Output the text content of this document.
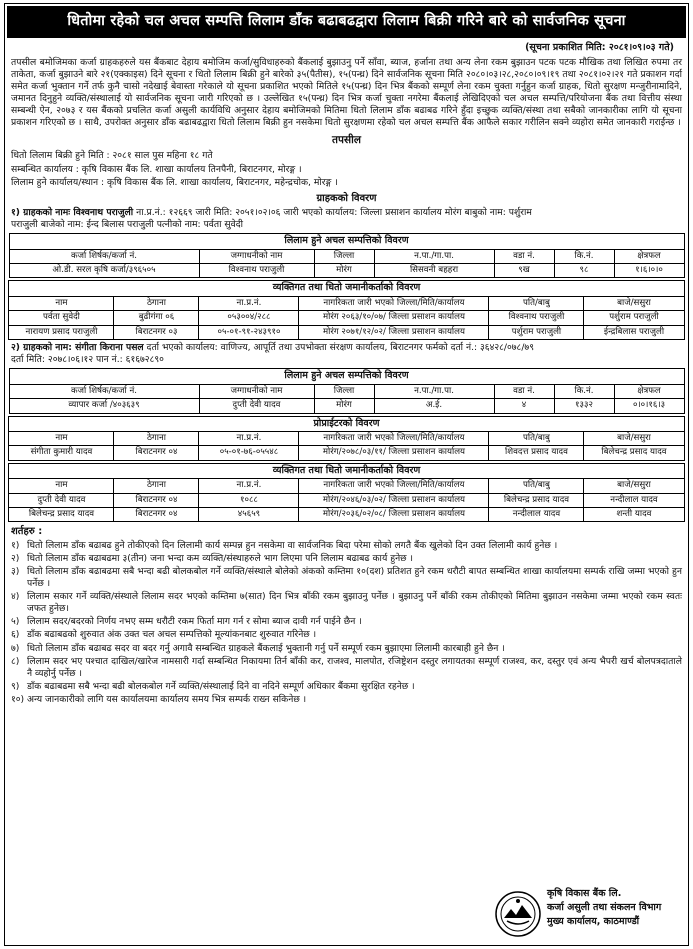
धितोमा रहेको चल अचल सम्पत्ति लिलाम डाँक बढाबढद्वारा लिलाम बिक्री गरिने बारे को सार्वजनिक सूचना
(सूचना प्रकाशित मिति: २०८१।०९।०३ गते)
तपसील बमोजिमका कर्जा ग्राहकहरुले यस बैंकबाट देहाय बमोजिम कर्जा/सुविधाहरुको बैंकलाई बुझाउनु पर्ने साँवा, ब्याज, हर्जाना तथा अन्य लेना रकम बुझाउन पटक पटक मौखिक तथा लिखित रुपमा तर ताकेता, कर्जा बुझाउने बारे २१(एक्काइस) दिने सूचना र धितो लिलाम बिक्री हुने बारेको ३५(पैतीस), १५(पन्ध्र) दिने सार्वजनिक सूचना मिति २०८०।०३।२८,२०८०।०९।१९ तथा २०८१।०२।२१ गते प्रकाशन गर्दा समेत कर्जा भुक्तान गर्ने तर्फ कुनै चासो नदेखाई बेवास्ता गरेकाले यो सूचना प्रकाशित भएको मितिले १५(पन्ध्र) दिन भित्र बैंकको सम्पूर्ण लेना रकम चुक्ता गर्नुहुन कर्जा ग्राहक, धितो सुरक्षण मन्जुरीनामादिने, जमानत दिनुहुने व्यक्ति/संस्थालाई यो सार्वजनिक सूचना जारी गरिएको छ । उल्लेखित १५(पन्ध्र) दिन भित्र कर्जा चुक्ता नगरेमा बैंकलाई लेखिदिएको चल अचल सम्पत्ति/परियोजना बैंक तथा वित्तीय संस्था सम्बन्धी ऐन, २०७३ र यस बैंकको प्रचलित कर्जा असुली कार्यविधि अनुसार देहाय बमोजिमको मितिमा धितो लिलाम डाँक बढाबढ गरिने हुँदा इच्छुक व्यक्ति/संस्था तथा सबैको जानकारीका लागि यो सूचना प्रकाशन गरिएको छ । साथै, उपरोक्त अनुसार डाँक बढाबढद्वारा धितो लिलाम बिक्री हुन नसकेमा धितो सुरक्षणमा रहेको चल अचल सम्पत्ति बैंक आफैले सकार गरीलिन सक्ने व्यहोरा समेत जानकारी गराईन्छ ।
तपसील
धितो लिलाम बिक्री हुने मिति : २०८१ साल पुस महिना १८ गते
सम्बन्धित कार्यालय : कृषि विकास बैंक लि. शाखा कार्यालय तिनपैनी, बिराटनगर, मोरङ्ग ।
लिलाम हुने कार्यालय/स्थान : कृषि विकास बैंक लि. शाखा कार्यालय, बिराटनगर, महेन्द्रचोक, मोरङ्ग ।
ग्राहकको विवरण
१) ग्राहकको नामः विश्वनाथ पराजुली ना.प्र.नं.: १२६६९ जारी मिति: २०५१।०२।०६ जारी भएको कार्यालय: जिल्ला प्रसाशन कार्यालय मोरंग बाबुको नाम: पर्शुराम
पराजुली बाजेको नाम: ईन्द बिलास पराजुली पत्नीको नाम: पर्वता सुवेदी
लिलाम हुने अचल सम्पत्तिको विवरण						
कर्जा शिर्षक/कर्जा नं.	जग्गाधनीको नाम	जिल्ला	न.पा./गा.पा.	वडा नं.	कि.नं.	क्षेत्रफल
ओ.डी. सरल कृषि कर्जा/३९६५०५	विश्वनाथ पराजुली	मोरंग	सिसवनी बहहरा	९ख	९८	१।६।०।०
व्यक्तिगत तथा धितो जमानीकर्ताको विवरण					
नाम	ठेगाना	ना.प्र.नं.	नागरिकता जारी भएको जिल्ला/मिति/कार्यालय	पति/बाबु	बाजे/ससुरा
पर्वता सुवेदी	बुढीगंगा ०६	०५३००४/२८८	मोरंग २०६३/१०/०७/ जिल्ला प्रसाशन कार्यालय	विश्वनाथ पराजुली	पर्शुराम पराजुली
नारायण प्रसाद पराजुली	बिराटनगर ०३	०५-०१-९१-२४३९१०	मोरंग २०७१/१२/०२/ जिल्ला प्रसाशन कार्यालय	पर्शुराम पराजुली	ईन्द्रबिलास पराजुली
२) ग्राहकको नाम: संगीता किराना पसल दर्ता भएको कार्यालय: वाणिज्य, आपूर्ति तथा उपभोक्ता संरक्षण कार्यालय, बिराटनगर फर्मको दर्ता नं.: ३६४२८/०७८/७९
दर्ता मिति: २०७८।०६।१२ पान नं.: ६१६७२८९०
लिलाम हुने अचल सम्पत्तिको विवरण						
कर्जा शिर्षक/कर्जा नं.	जग्गाधनीको नाम	जिल्ला	न.पा./गा.पा.	वडा नं.	कि.नं.	क्षेत्रफल
व्यापार कर्जा /४०३६३९	दुप्ती देवी यादव	मोरंग	अ.ई.	४	१३३२	०।०।१६।३
प्रोप्राईटरको विवरण					
नाम	ठेगाना	ना.प्र.नं.	नागरिकता जारी भएको जिल्ला/मिति/कार्यालय	पति/बाबु	बाजे/ससुरा
संगीता कुमारी यादव	बिराटनगर ०४	०५-०१-७६-०५५४८	मोरंग/२०७८/०३/११/ जिल्ला प्रसाशन कार्यालय	शिवदत्त प्रसाद यादव	बिलेचन्द्र प्रसाद यादव
व्यक्तिगत तथा धितो जमानीकर्ताको विवरण					
नाम	ठेगाना	ना.प्र.नं.	नागरिकता जारी भएको जिल्ला/मिति/कार्यालय	पति/बाबु	बाजे/ससुरा
दुप्ती देवी यादव	बिराटनगर ०४	१०८८	मोरंग/२०४६/०३/०२/ जिल्ला प्रसाशन कार्यालय	बिलेचन्द्र प्रसाद यादव	नन्दीलाल यादव
बिलेचन्द्र प्रसाद यादव	बिराटनगर ०४	४५६५९	मोरंग/२०३६/०२/०८/ जिल्ला प्रसाशन कार्यालय	नन्दीलाल यादव	शन्ती यादव
शर्तहरु :
१) धितो लिलाम डाँक बढाबढ हुने तोकीएको दिन लिलामी कार्य सम्पन्न हुन नसकेमा वा सार्वजनिक बिदा परेमा सोको लगतै बैंक खुलेको दिन उक्त लिलामी कार्य हुनेछ ।
२) धितो लिलाम डाँक बढाबढमा ३(तीन) जना भन्दा कम व्यक्ति/संस्थाहरुले भाग लिएमा पनि लिलाम बढाबढ कार्य हुनेछ ।
३) धितो लिलाम डाँक बढाबढमा सबै भन्दा बढी बोलकबोल गर्ने व्यक्ति/संस्थाले बोलेको अंकको कम्तिमा १०(दश) प्रतिशत हुने रकम धरौटी बापत सम्बन्धित शाखा कार्यालयमा सम्पर्क राखि जम्मा भएको हुन पर्नेछ ।
४) लिलाम सकार गर्ने व्यक्ति/संस्थाले लिलाम सदर भएको कम्तिमा ७(सात) दिन भित्र बाँकी रकम बुझाउनु पर्नेछ । बुझाउनु पर्ने बाँकी रकम तोकीएको मितिमा बुझाउन नसकेमा जम्मा भएको रकम स्वतः जफत हुनेछ।
५) लिलाम सदर/बदरको निर्णय नभए सम्म धरौटी रकम फिर्ता माग गर्न र सोमा ब्याज दावी गर्न पाईने छैन ।
६) डाँक बढाबढको शुरुवात अंक उक्त चल अचल सम्पत्तिको मूल्यांकनबाट शुरुवात गरिनेछ ।
७) धितो लिलाम डाँक बढाबढ सदर वा बदर गर्नु अगावै सम्बन्धित ग्राहकले बैंकलाई भुक्तानी गर्नु पर्ने सम्पूर्ण रकम बुझाएमा लिलामी कारबाही हुने छैन ।
८) लिलाम सदर भए पश्चात दाखिल/खारेज नामसारी गर्दा सम्बन्धित निकायमा तिर्न बाँकी कर, राजश्व, मालपोत, रजिष्ट्रेशन दस्तुर लगायतका सम्पूर्ण राजश्व, कर, दस्तुर एवं अन्य भैपरी खर्च बोलपत्रदाताले नै व्यहोर्नु पर्नेछ ।
९) डाँक बढाबढमा सबै भन्दा बढी बोलकबोल गर्ने व्यक्ति/संस्थालाई दिने वा नदिने सम्पूर्ण अधिकार बैंकमा सुरक्षित रहनेछ ।
१०) अन्य जानकारीको लागि यस कार्यालयमा कार्यालय समय भित्र सम्पर्क राख्न सकिनेछ ।
कृषि विकास बैंक लि.
कर्जा असुली तथा संकलन विभाग
मुख्य कार्यालय, काठमाण्डौं
